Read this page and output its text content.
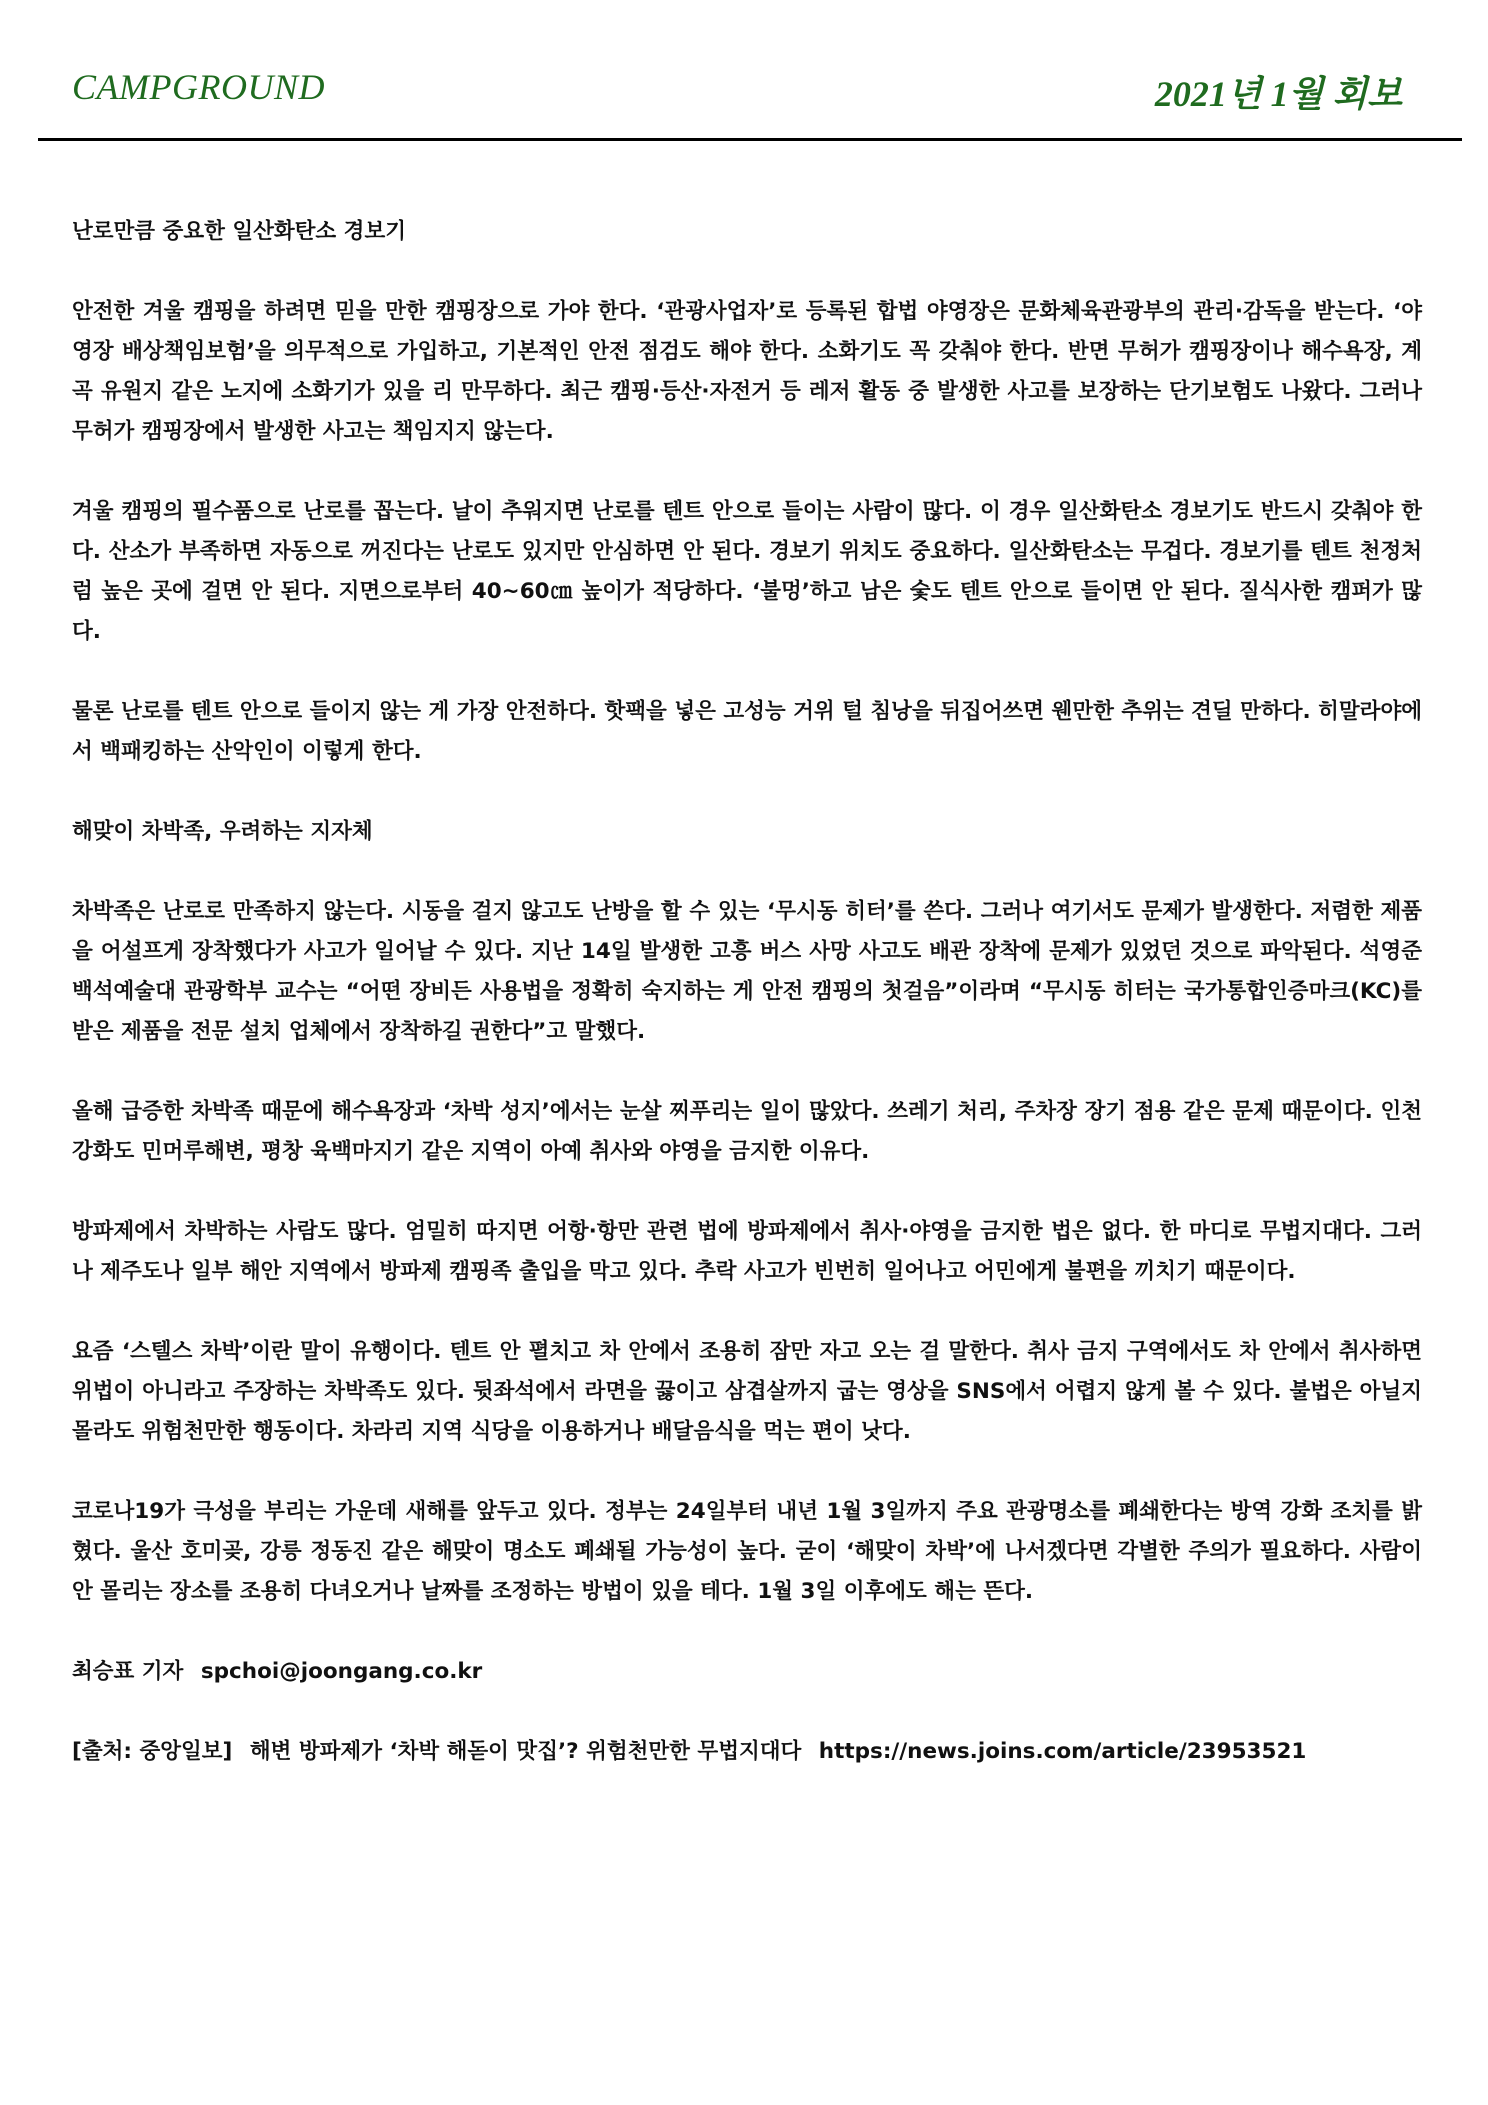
CAMPGROUND	2021년 1월 회보
난로만큼 중요한 일산화탄소 경보기

안전한 겨울 캠핑을 하려면 믿을 만한 캠핑장으로 가야 한다. ‘관광사업자’로 등록된 합법 야영장은 문화체육관광부의 관리·감독을 받는다. ‘야영장 배상책임보험’을 의무적으로 가입하고, 기본적인 안전 점검도 해야 한다. 소화기도 꼭 갖춰야 한다. 반면 무허가 캠핑장이나 해수욕장, 계곡 유원지 같은 노지에 소화기가 있을 리 만무하다. 최근 캠핑·등산·자전거 등 레저 활동 중 발생한 사고를 보장하는 단기보험도 나왔다. 그러나 무허가 캠핑장에서 발생한 사고는 책임지지 않는다.

겨울 캠핑의 필수품으로 난로를 꼽는다. 날이 추워지면 난로를 텐트 안으로 들이는 사람이 많다. 이 경우 일산화탄소 경보기도 반드시 갖춰야 한다. 산소가 부족하면 자동으로 꺼진다는 난로도 있지만 안심하면 안 된다. 경보기 위치도 중요하다. 일산화탄소는 무겁다. 경보기를 텐트 천정처럼 높은 곳에 걸면 안 된다. 지면으로부터 40~60㎝ 높이가 적당하다. ‘불멍’하고 남은 숯도 텐트 안으로 들이면 안 된다. 질식사한 캠퍼가 많다.

물론 난로를 텐트 안으로 들이지 않는 게 가장 안전하다. 핫팩을 넣은 고성능 거위 털 침낭을 뒤집어쓰면 웬만한 추위는 견딜 만하다. 히말라야에서 백패킹하는 산악인이 이렇게 한다.

해맞이 차박족, 우려하는 지자체

차박족은 난로로 만족하지 않는다. 시동을 걸지 않고도 난방을 할 수 있는 ‘무시동 히터’를 쓴다. 그러나 여기서도 문제가 발생한다. 저렴한 제품을 어설프게 장착했다가 사고가 일어날 수 있다. 지난 14일 발생한 고흥 버스 사망 사고도 배관 장착에 문제가 있었던 것으로 파악된다. 석영준 백석예술대 관광학부 교수는 “어떤 장비든 사용법을 정확히 숙지하는 게 안전 캠핑의 첫걸음”이라며 “무시동 히터는 국가통합인증마크(KC)를 받은 제품을 전문 설치 업체에서 장착하길 권한다”고 말했다.

올해 급증한 차박족 때문에 해수욕장과 ‘차박 성지’에서는 눈살 찌푸리는 일이 많았다. 쓰레기 처리, 주차장 장기 점용 같은 문제 때문이다. 인천 강화도 민머루해변, 평창 육백마지기 같은 지역이 아예 취사와 야영을 금지한 이유다.

방파제에서 차박하는 사람도 많다. 엄밀히 따지면 어항·항만 관련 법에 방파제에서 취사·야영을 금지한 법은 없다. 한 마디로 무법지대다. 그러나 제주도나 일부 해안 지역에서 방파제 캠핑족 출입을 막고 있다. 추락 사고가 빈번히 일어나고 어민에게 불편을 끼치기 때문이다.

요즘 ‘스텔스 차박’이란 말이 유행이다. 텐트 안 펼치고 차 안에서 조용히 잠만 자고 오는 걸 말한다. 취사 금지 구역에서도 차 안에서 취사하면 위법이 아니라고 주장하는 차박족도 있다. 뒷좌석에서 라면을 끓이고 삼겹살까지 굽는 영상을 SNS에서 어렵지 않게 볼 수 있다. 불법은 아닐지 몰라도 위험천만한 행동이다. 차라리 지역 식당을 이용하거나 배달음식을 먹는 편이 낫다.

코로나19가 극성을 부리는 가운데 새해를 앞두고 있다. 정부는 24일부터 내년 1월 3일까지 주요 관광명소를 폐쇄한다는 방역 강화 조치를 밝혔다. 울산 호미곶, 강릉 정동진 같은 해맞이 명소도 폐쇄될 가능성이 높다. 굳이 ‘해맞이 차박’에 나서겠다면 각별한 주의가 필요하다. 사람이 안 몰리는 장소를 조용히 다녀오거나 날짜를 조정하는 방법이 있을 테다. 1월 3일 이후에도 해는 뜬다.

최승표 기자 spchoi@joongang.co.kr
[출처: 중앙일보] 해변 방파제가 ‘차박 해돋이 맛집’? 위험천만한 무법지대다 https://news.joins.com/article/23953521
